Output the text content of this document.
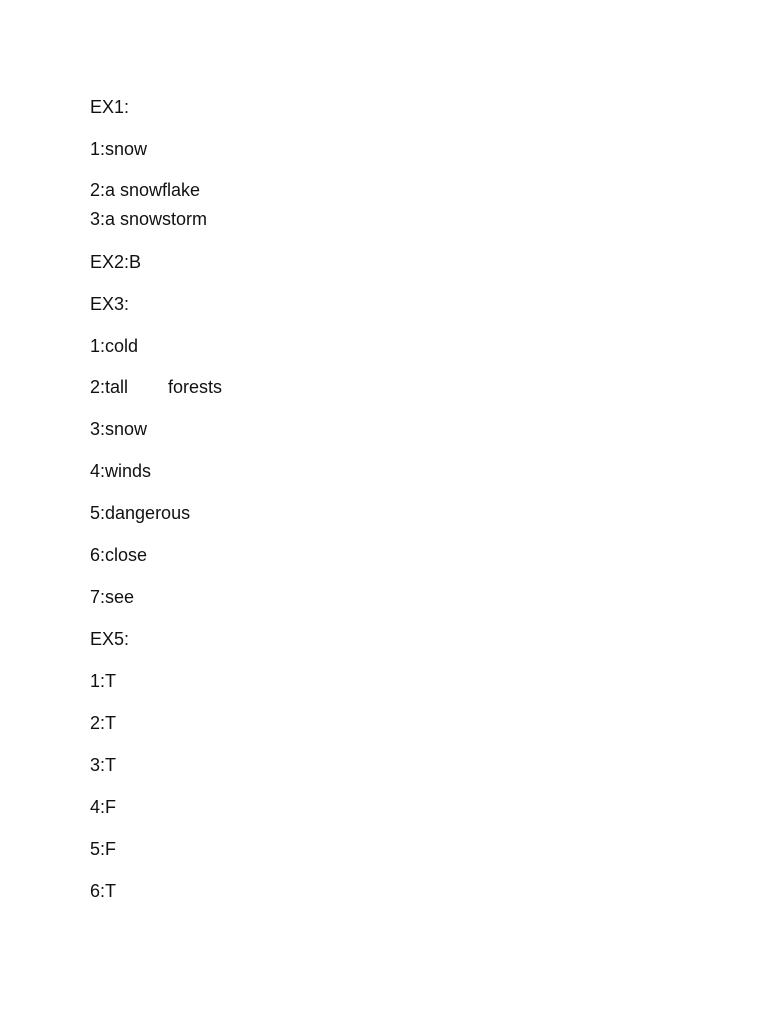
EX1:

1:snow

2:a snowflake

3:a snowstorm

EX2:B

EX3:

1:cold

2:tall forests

3:snow

4:winds

5:dangerous

6:close

7:see

EX5:

1:T

2:T

3:T

4:F

5:F

6:T
